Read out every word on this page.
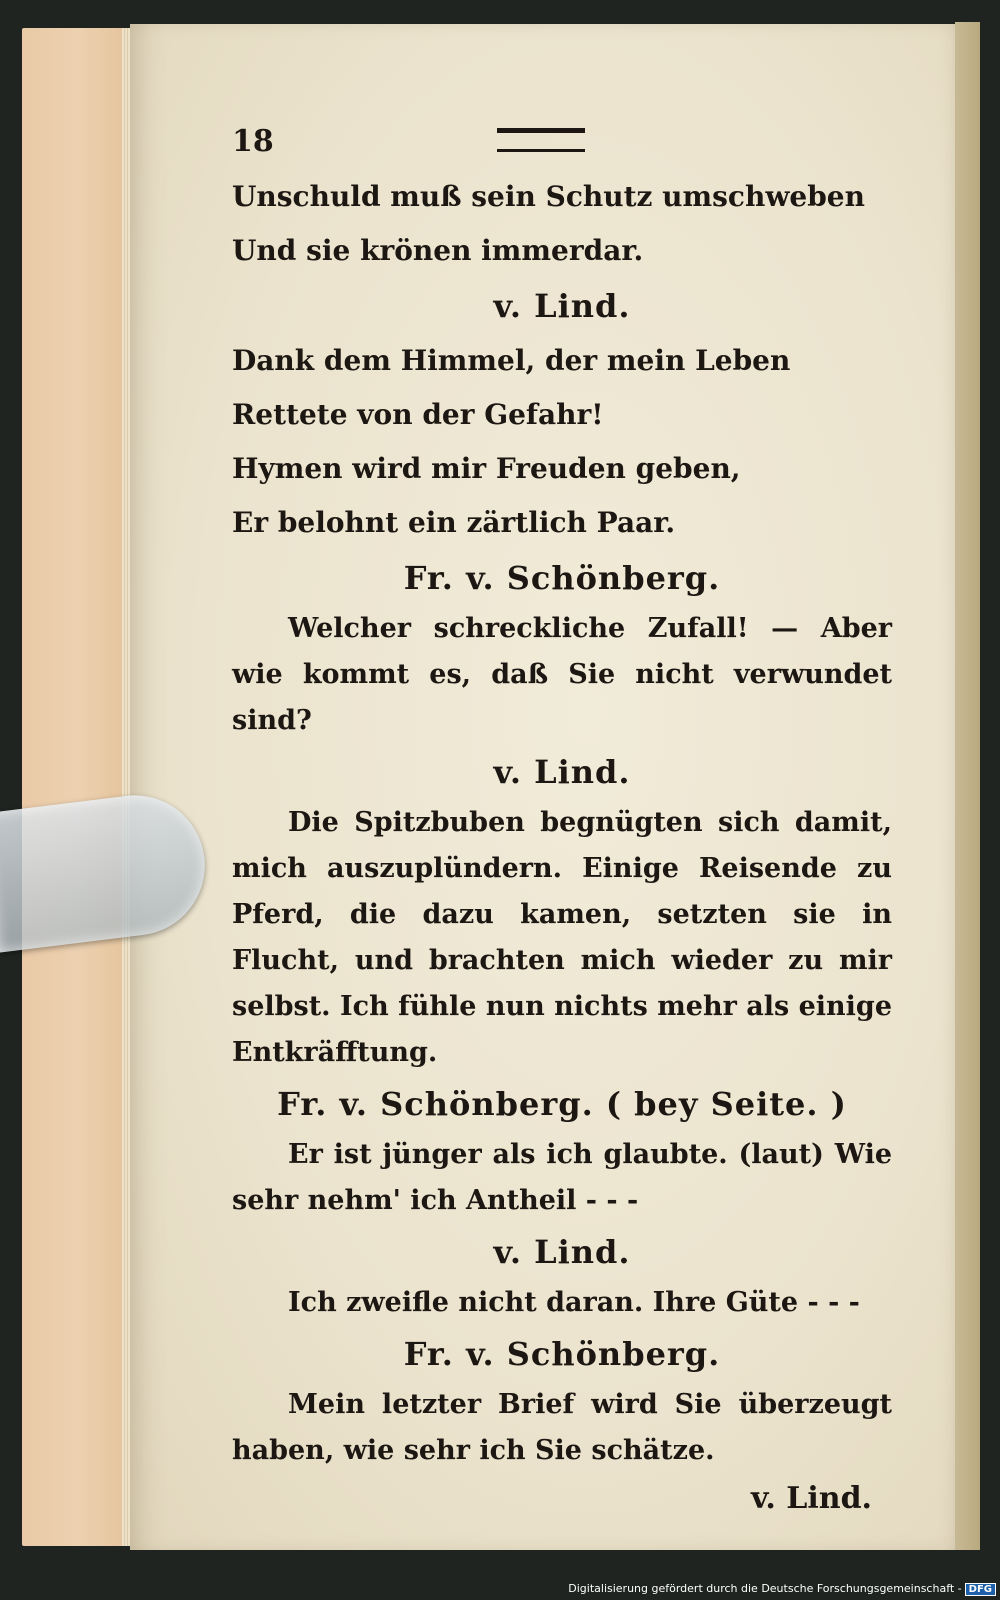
18

Unschuld muß sein Schutz umschweben

Und sie krönen immerdar.

v. Lind.

Dank dem Himmel, der mein Leben

Rettete von der Gefahr!

Hymen wird mir Freuden geben,

Er belohnt ein zärtlich Paar.

Fr. v. Schönberg.

Welcher schreckliche Zufall! — Aber wie kommt es, daß Sie nicht verwundet sind?

v. Lind.

Die Spitzbuben begnügten sich damit, mich auszuplündern. Einige Reisende zu Pferd, die dazu kamen, setzten sie in Flucht, und brachten mich wieder zu mir selbst. Ich fühle nun nichts mehr als einige Entkräfftung.

Fr. v. Schönberg. ( bey Seite. )

Er ist jünger als ich glaubte. (laut) Wie sehr nehm' ich Antheil - - -

v. Lind.

Ich zweifle nicht daran. Ihre Güte - - -

Fr. v. Schönberg.

Mein letzter Brief wird Sie überzeugt haben, wie sehr ich Sie schätze.

v. Lind.

Digitalisierung gefördert durch die Deutsche Forschungsgemeinschaft - DFG
